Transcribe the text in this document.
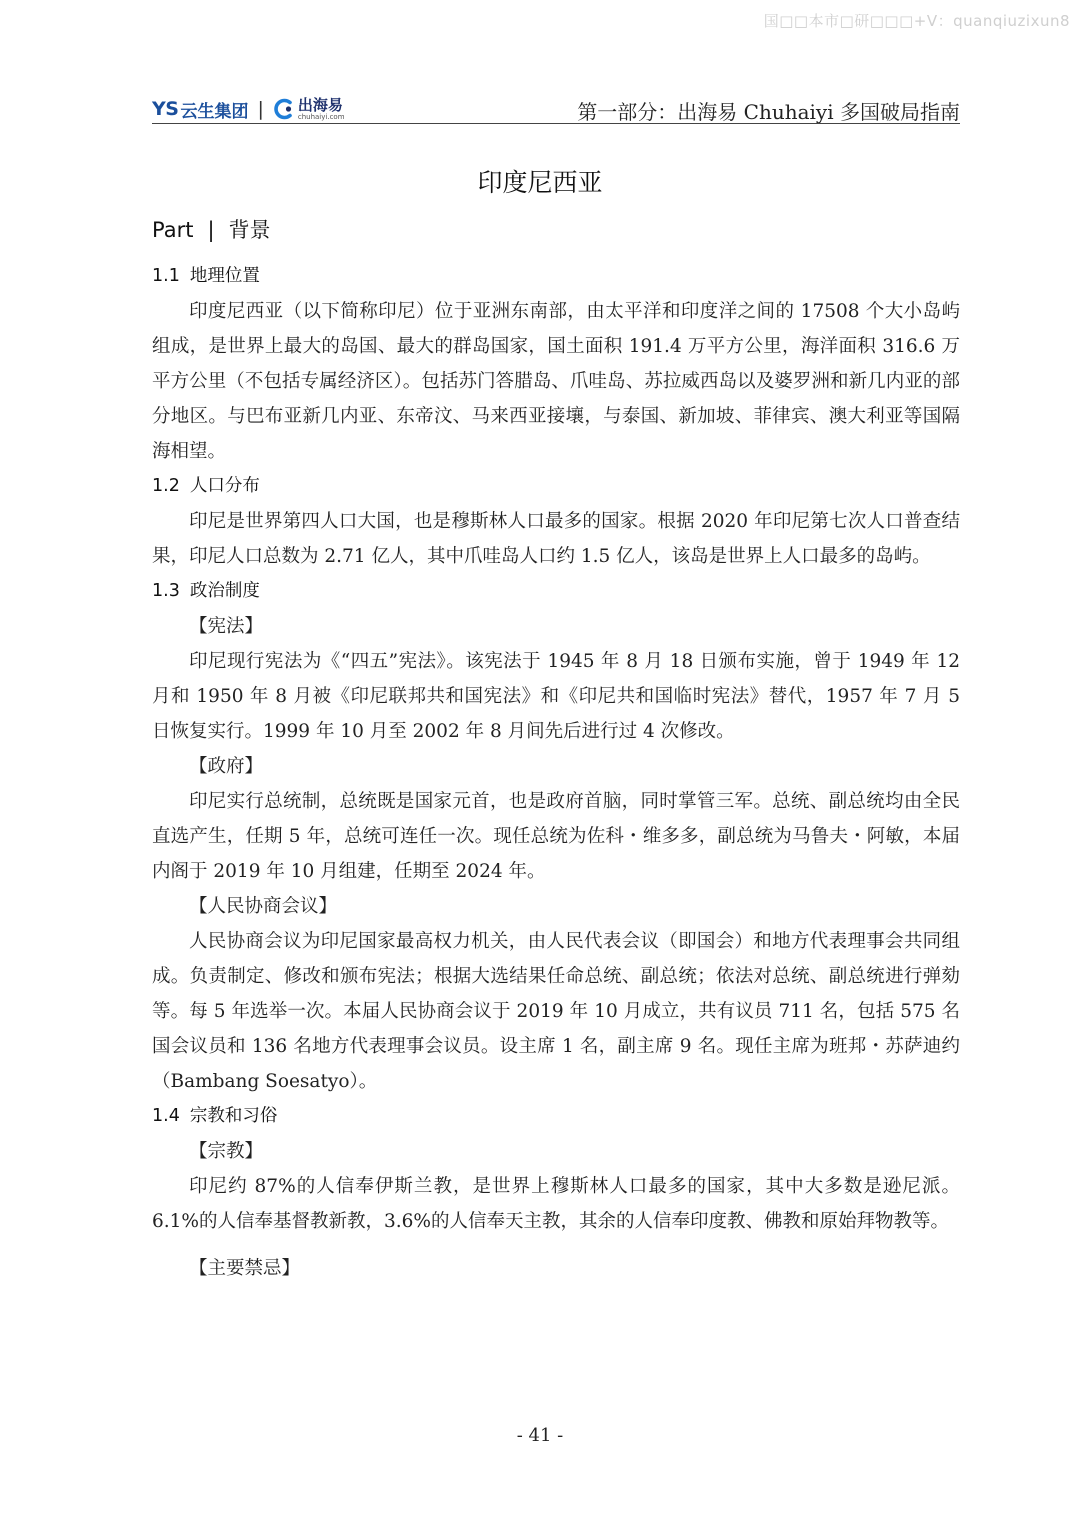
国□□本市□研□□□+V：quanqiuzixun8
YS 云生集团 | 出海易
chuhaiyi.com	第一部分：出海易 Chuhaiyi 多国破局指南
印度尼西亚
Part | 背景
1.1 地理位置

印度尼西亚（以下简称印尼）位于亚洲东南部，由太平洋和印度洋之间的 17508 个大小岛屿组成，是世界上最大的岛国、最大的群岛国家，国土面积 191.4 万平方公里，海洋面积 316.6 万平方公里（不包括专属经济区）。包括苏门答腊岛、爪哇岛、苏拉威西岛以及婆罗洲和新几内亚的部分地区。与巴布亚新几内亚、东帝汶、马来西亚接壤，与泰国、新加坡、菲律宾、澳大利亚等国隔海相望。

1.2 人口分布

印尼是世界第四人口大国，也是穆斯林人口最多的国家。根据 2020 年印尼第七次人口普查结果，印尼人口总数为 2.71 亿人，其中爪哇岛人口约 1.5 亿人，该岛是世界上人口最多的岛屿。

1.3 政治制度

【宪法】

印尼现行宪法为《“四五”宪法》。该宪法于 1945 年 8 月 18 日颁布实施，曾于 1949 年 12 月和 1950 年 8 月被《印尼联邦共和国宪法》和《印尼共和国临时宪法》替代，1957 年 7 月 5 日恢复实行。1999 年 10 月至 2002 年 8 月间先后进行过 4 次修改。

【政府】

印尼实行总统制，总统既是国家元首，也是政府首脑，同时掌管三军。总统、副总统均由全民直选产生，任期 5 年，总统可连任一次。现任总统为佐科・维多多，副总统为马鲁夫・阿敏，本届内阁于 2019 年 10 月组建，任期至 2024 年。

【人民协商会议】

人民协商会议为印尼国家最高权力机关，由人民代表会议（即国会）和地方代表理事会共同组成。负责制定、修改和颁布宪法；根据大选结果任命总统、副总统；依法对总统、副总统进行弹劾等。每 5 年选举一次。本届人民协商会议于 2019 年 10 月成立，共有议员 711 名，包括 575 名国会议员和 136 名地方代表理事会议员。设主席 1 名，副主席 9 名。现任主席为班邦・苏萨迪约（Bambang Soesatyo）。

1.4 宗教和习俗

【宗教】

印尼约 87%的人信奉伊斯兰教，是世界上穆斯林人口最多的国家，其中大多数是逊尼派。6.1%的人信奉基督教新教，3.6%的人信奉天主教，其余的人信奉印度教、佛教和原始拜物教等。

【主要禁忌】

- 41 -
